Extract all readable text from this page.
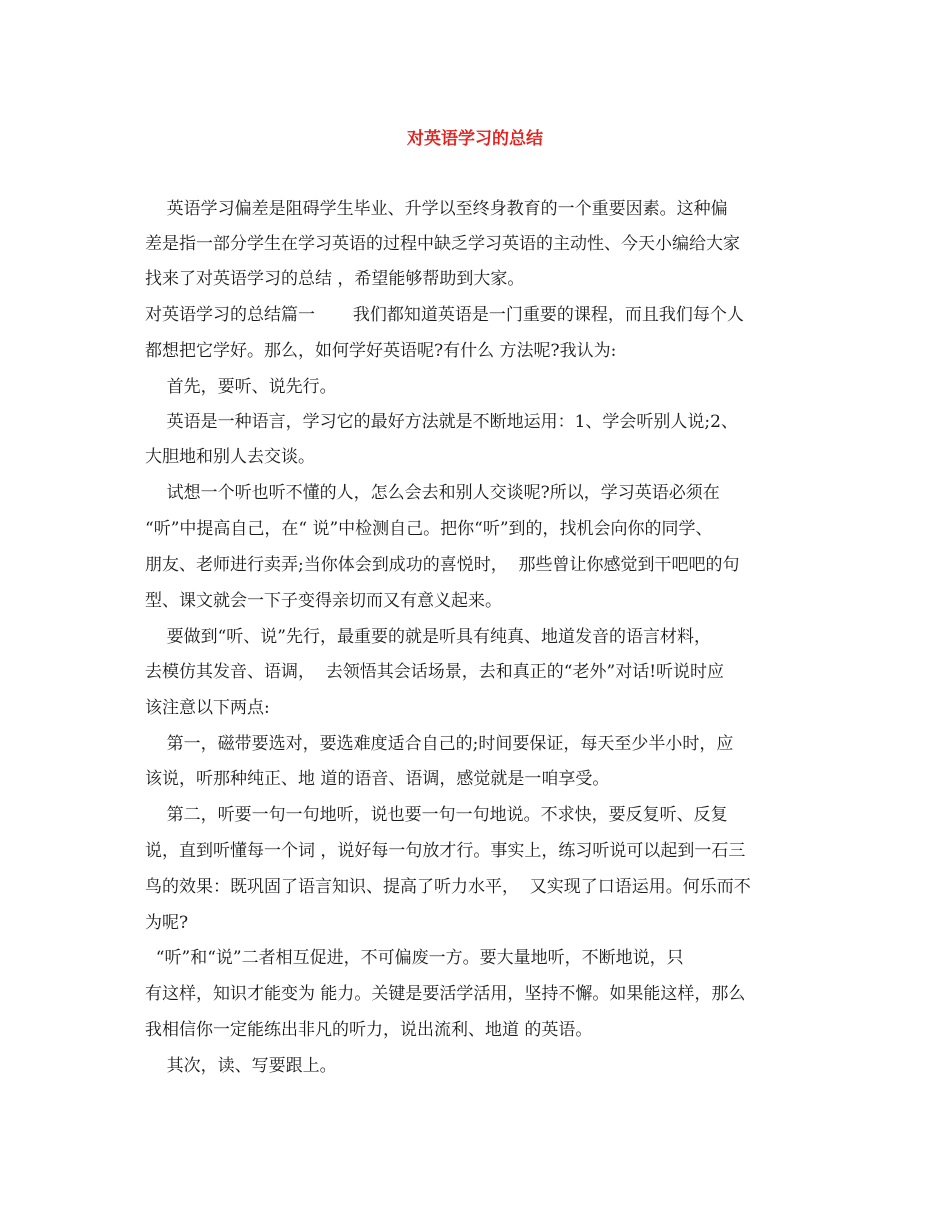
对英语学习的总结
英语学习偏差是阻碍学生毕业、升学以至终身教育的一个重要因素。这种偏
差是指一部分学生在学习英语的过程中缺乏学习英语的主动性、今天小编给大家
找来了对英语学习的总结 ，希望能够帮助到大家。
对英语学习的总结篇一       我们都知道英语是一门重要的课程，而且我们每个人
都想把它学好。那么，如何学好英语呢?有什么 方法呢?我认为:
首先，要听、说先行。
英语是一种语言，学习它的最好方法就是不断地运用：1、学会听别人说;2、
大胆地和别人去交谈。
试想一个听也听不懂的人，怎么会去和别人交谈呢?所以，学习英语必须在
“听”中提高自己，在“ 说”中检测自己。把你“听”到的，找机会向你的同学、
朋友、老师进行卖弄;当你体会到成功的喜悦时，  那些曾让你感觉到干吧吧的句
型、课文就会一下子变得亲切而又有意义起来。
要做到“听、说”先行，最重要的就是听具有纯真、地道发音的语言材料，
去模仿其发音、语调，  去领悟其会话场景，去和真正的“老外”对话!听说时应
该注意以下两点:
第一，磁带要选对，要选难度适合自己的;时间要保证，每天至少半小时，应
该说，听那种纯正、地 道的语音、语调，感觉就是一咱享受。
第二，听要一句一句地听，说也要一句一句地说。不求快，要反复听、反复
说，直到听懂每一个词 ，说好每一句放才行。事实上，练习听说可以起到一石三
鸟的效果：既巩固了语言知识、提高了听力水平，  又实现了口语运用。何乐而不
为呢?
“听”和“说”二者相互促进，不可偏废一方。要大量地听，不断地说，只
有这样，知识才能变为 能力。关键是要活学活用，坚持不懈。如果能这样，那么
我相信你一定能练出非凡的听力，说出流利、地道 的英语。
其次，读、写要跟上。
